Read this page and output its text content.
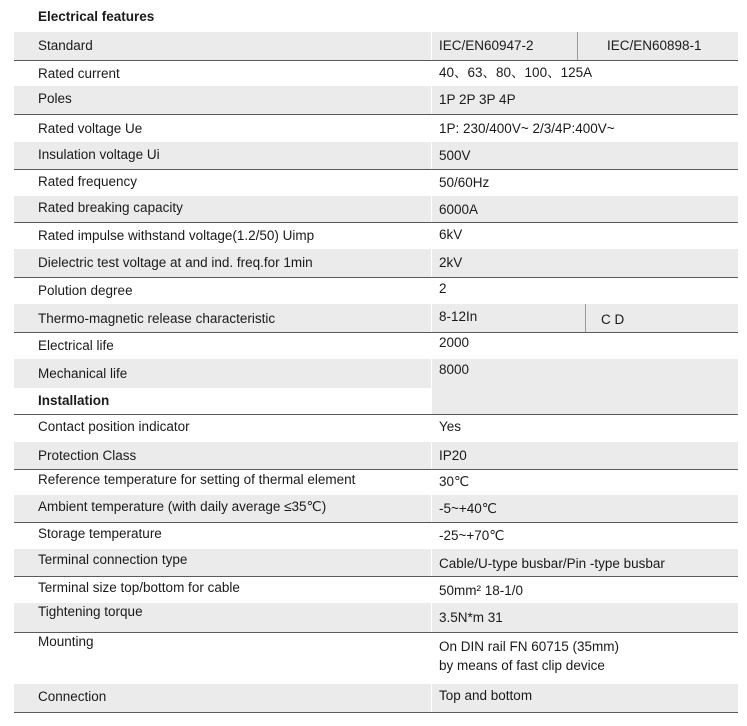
Electrical features
Standard	IEC/EN60947-2	IEC/EN60898-1
Rated current	40、63、80、100、125A
Poles	1P 2P 3P 4P
Rated voltage Ue	1P: 230/400V~ 2/3/4P:400V~
Insulation voltage Ui	500V
Rated frequency	50/60Hz
Rated breaking capacity	6000A
Rated impulse withstand voltage(1.2/50) Uimp	6kV
Dielectric test voltage at and ind. freq.for 1min	2kV
Polution degree	2
Thermo-magnetic release characteristic	8-12In	C D
Electrical life	2000
Mechanical life	8000
Installation
Contact position indicator	Yes
Protection Class	IP20
Reference temperature for setting of thermal element	30℃
Ambient temperature (with daily average ≤35℃)	-5~+40℃
Storage temperature	-25~+70℃
Terminal connection type	Cable/U-type busbar/Pin -type busbar
Terminal size top/bottom for cable	50mm² 18-1/0
Tightening torque	3.5N*m 31
Mounting	On DIN rail FN 60715 (35mm)
by means of fast clip device
Connection	Top and bottom
